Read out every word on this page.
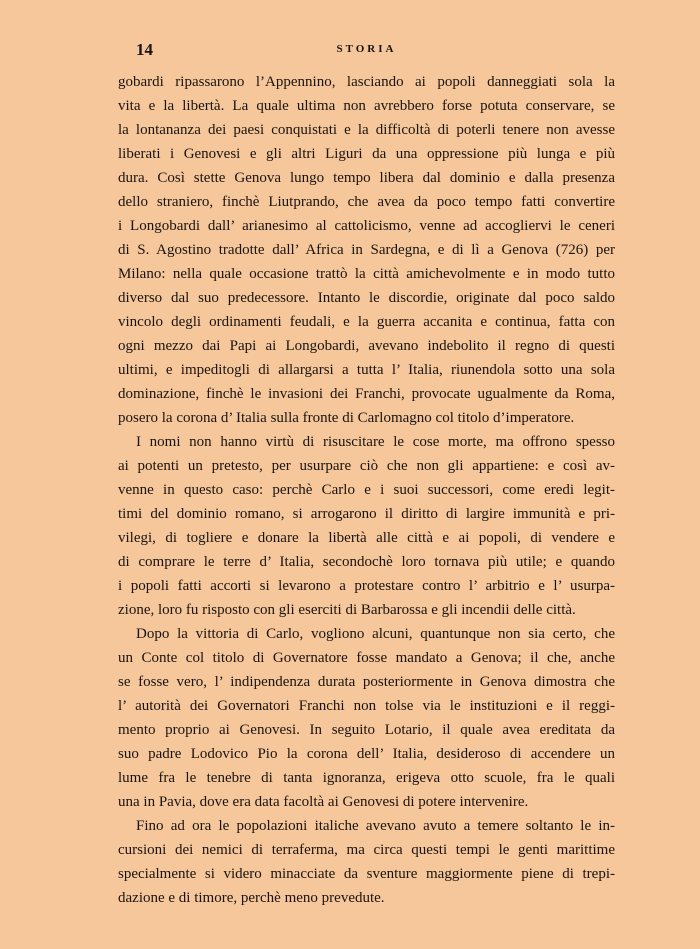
14	STORIA
gobardi ripassarono l’Appennino, lasciando ai popoli danneggiati sola la
vita e la libertà. La quale ultima non avrebbero forse potuta conservare, se
la lontananza dei paesi conquistati e la difficoltà di poterli tenere non avesse
liberati i Genovesi e gli altri Liguri da una oppressione più lunga e più
dura. Così stette Genova lungo tempo libera dal dominio e dalla presenza
dello straniero, finchè Liutprando, che avea da poco tempo fatti convertire
i Longobardi dall’ arianesimo al cattolicismo, venne ad accogliervi le ceneri
di S. Agostino tradotte dall’ Africa in Sardegna, e di lì a Genova (726) per
Milano: nella quale occasione trattò la città amichevolmente e in modo tutto
diverso dal suo predecessore. Intanto le discordie, originate dal poco saldo
vincolo degli ordinamenti feudali, e la guerra accanita e continua, fatta con
ogni mezzo dai Papi ai Longobardi, avevano indebolito il regno di questi
ultimi, e impeditogli di allargarsi a tutta l’ Italia, riunendola sotto una sola
dominazione, finchè le invasioni dei Franchi, provocate ugualmente da Roma,
posero la corona d’ Italia sulla fronte di Carlomagno col titolo d’imperatore.
I nomi non hanno virtù di risuscitare le cose morte, ma offrono spesso
ai potenti un pretesto, per usurpare ciò che non gli appartiene: e così av-
venne in questo caso: perchè Carlo e i suoi successori, come eredi legit-
timi del dominio romano, si arrogarono il diritto di largire immunità e pri-
vilegi, di togliere e donare la libertà alle città e ai popoli, di vendere e
di comprare le terre d’ Italia, secondochè loro tornava più utile; e quando
i popoli fatti accorti si levarono a protestare contro l’ arbitrio e l’ usurpa-
zione, loro fu risposto con gli eserciti di Barbarossa e gli incendii delle città.
Dopo la vittoria di Carlo, vogliono alcuni, quantunque non sia certo, che
un Conte col titolo di Governatore fosse mandato a Genova; il che, anche
se fosse vero, l’ indipendenza durata posteriormente in Genova dimostra che
l’ autorità dei Governatori Franchi non tolse via le instituzioni e il reggi-
mento proprio ai Genovesi. In seguito Lotario, il quale avea ereditata da
suo padre Lodovico Pio la corona dell’ Italia, desideroso di accendere un
lume fra le tenebre di tanta ignoranza, erigeva otto scuole, fra le quali
una in Pavia, dove era data facoltà ai Genovesi di potere intervenire.
Fino ad ora le popolazioni italiche avevano avuto a temere soltanto le in-
cursioni dei nemici di terraferma, ma circa questi tempi le genti marittime
specialmente si videro minacciate da sventure maggiormente piene di trepi-
dazione e di timore, perchè meno prevedute.
